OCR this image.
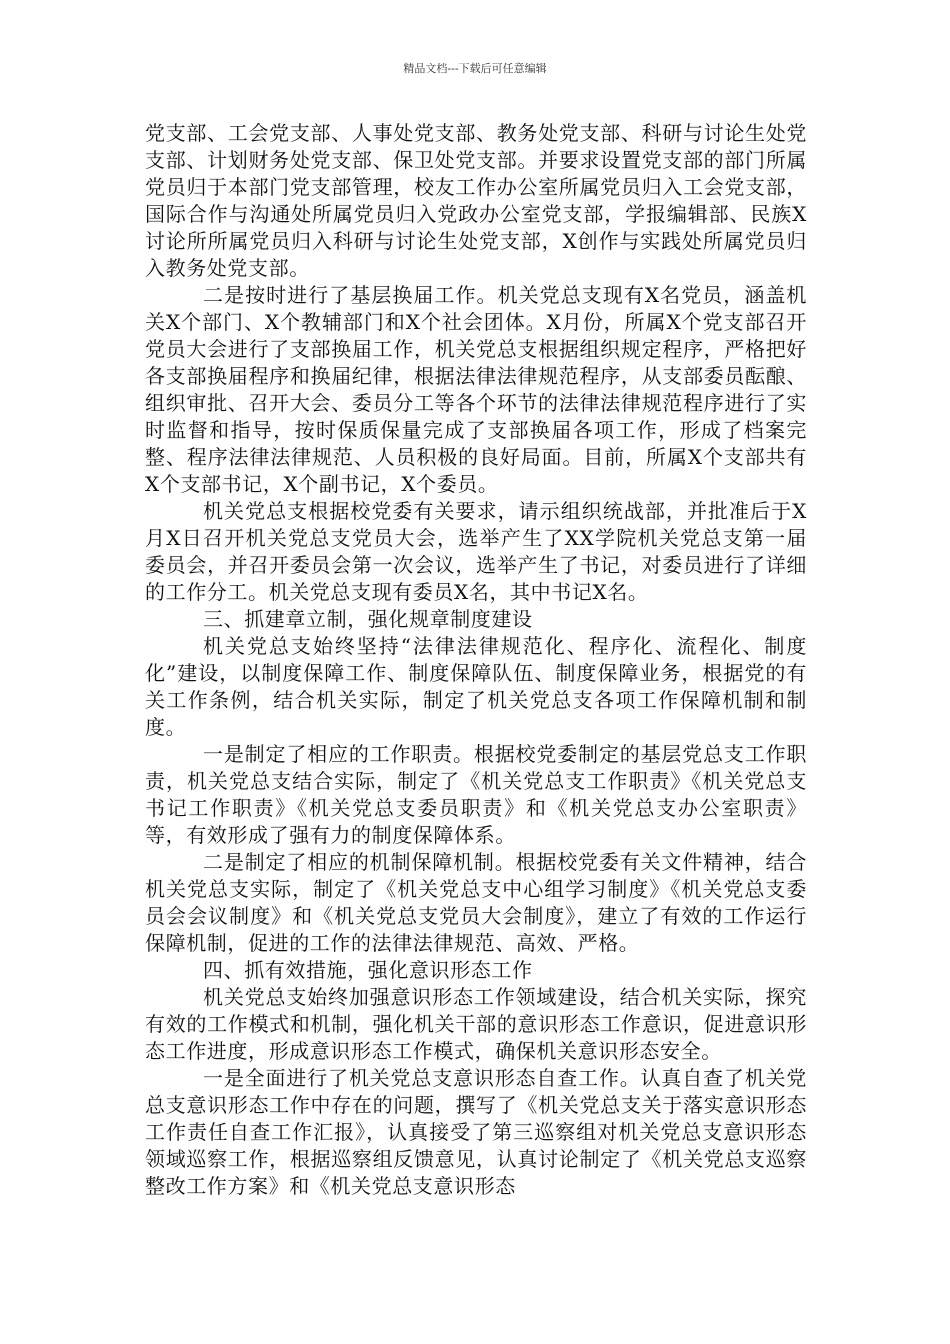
精品文档---下载后可任意编辑

党支部、工会党支部、人事处党支部、教务处党支部、科研与讨论生处党支部、计划财务处党支部、保卫处党支部。并要求设置党支部的部门所属党员归于本部门党支部管理，校友工作办公室所属党员归入工会党支部，国际合作与沟通处所属党员归入党政办公室党支部，学报编辑部、民族X讨论所所属党员归入科研与讨论生处党支部，X创作与实践处所属党员归入教务处党支部。

二是按时进行了基层换届工作。机关党总支现有X名党员，涵盖机关X个部门、X个教辅部门和X个社会团体。X月份，所属X个党支部召开党员大会进行了支部换届工作，机关党总支根据组织规定程序，严格把好各支部换届程序和换届纪律，根据法律法律规范程序，从支部委员酝酿、组织审批、召开大会、委员分工等各个环节的法律法律规范程序进行了实时监督和指导，按时保质保量完成了支部换届各项工作，形成了档案完整、程序法律法律规范、人员积极的良好局面。目前，所属X个支部共有X个支部书记，X个副书记，X个委员。

机关党总支根据校党委有关要求，请示组织统战部，并批准后于X月X日召开机关党总支党员大会，选举产生了XX学院机关党总支第一届委员会，并召开委员会第一次会议，选举产生了书记，对委员进行了详细的工作分工。机关党总支现有委员X名，其中书记X名。

三、抓建章立制，强化规章制度建设

机关党总支始终坚持“法律法律规范化、程序化、流程化、制度化”建设，以制度保障工作、制度保障队伍、制度保障业务，根据党的有关工作条例，结合机关实际，制定了机关党总支各项工作保障机制和制度。

一是制定了相应的工作职责。根据校党委制定的基层党总支工作职责，机关党总支结合实际，制定了《机关党总支工作职责》《机关党总支书记工作职责》《机关党总支委员职责》和《机关党总支办公室职责》等，有效形成了强有力的制度保障体系。

二是制定了相应的机制保障机制。根据校党委有关文件精神，结合机关党总支实际，制定了《机关党总支中心组学习制度》《机关党总支委员会会议制度》和《机关党总支党员大会制度》，建立了有效的工作运行保障机制，促进的工作的法律法律规范、高效、严格。

四、抓有效措施，强化意识形态工作

机关党总支始终加强意识形态工作领域建设，结合机关实际，探究有效的工作模式和机制，强化机关干部的意识形态工作意识，促进意识形态工作进度，形成意识形态工作模式，确保机关意识形态安全。

一是全面进行了机关党总支意识形态自查工作。认真自查了机关党总支意识形态工作中存在的问题，撰写了《机关党总支关于落实意识形态工作责任自查工作汇报》，认真接受了第三巡察组对机关党总支意识形态领域巡察工作，根据巡察组反馈意见，认真讨论制定了《机关党总支巡察整改工作方案》和《机关党总支意识形态
